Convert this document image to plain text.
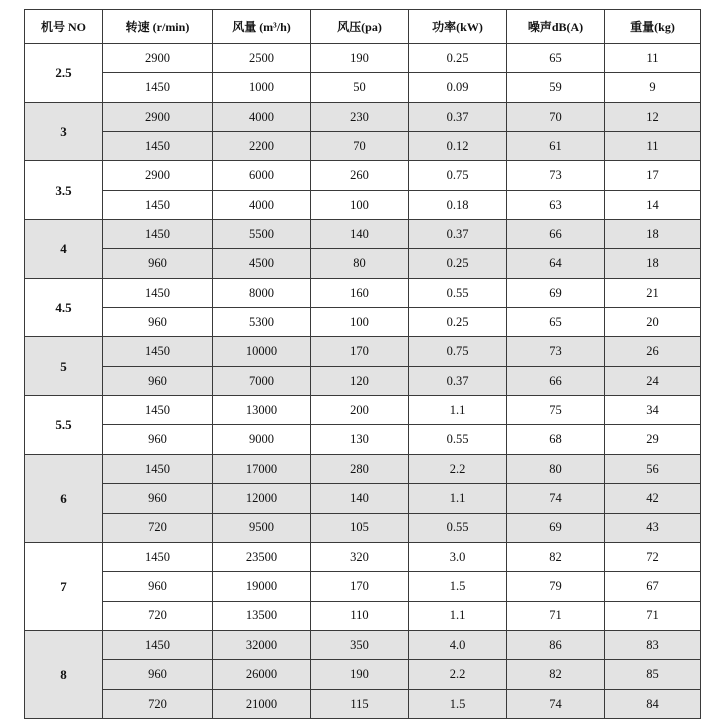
机号 NO	转速 (r/min)	风量 (m³/h)	风压(pa)	功率(kW)	噪声dB(A)	重量(kg)
2.5	2900	2500	190	0.25	65	11
	1450	1000	50	0.09	59	9
3	2900	4000	230	0.37	70	12
	1450	2200	70	0.12	61	11
3.5	2900	6000	260	0.75	73	17
	1450	4000	100	0.18	63	14
4	1450	5500	140	0.37	66	18
	960	4500	80	0.25	64	18
4.5	1450	8000	160	0.55	69	21
	960	5300	100	0.25	65	20
5	1450	10000	170	0.75	73	26
	960	7000	120	0.37	66	24
5.5	1450	13000	200	1.1	75	34
	960	9000	130	0.55	68	29
6	1450	17000	280	2.2	80	56
	960	12000	140	1.1	74	42
	720	9500	105	0.55	69	43
7	1450	23500	320	3.0	82	72
	960	19000	170	1.5	79	67
	720	13500	110	1.1	71	71
8	1450	32000	350	4.0	86	83
	960	26000	190	2.2	82	85
	720	21000	115	1.5	74	84
